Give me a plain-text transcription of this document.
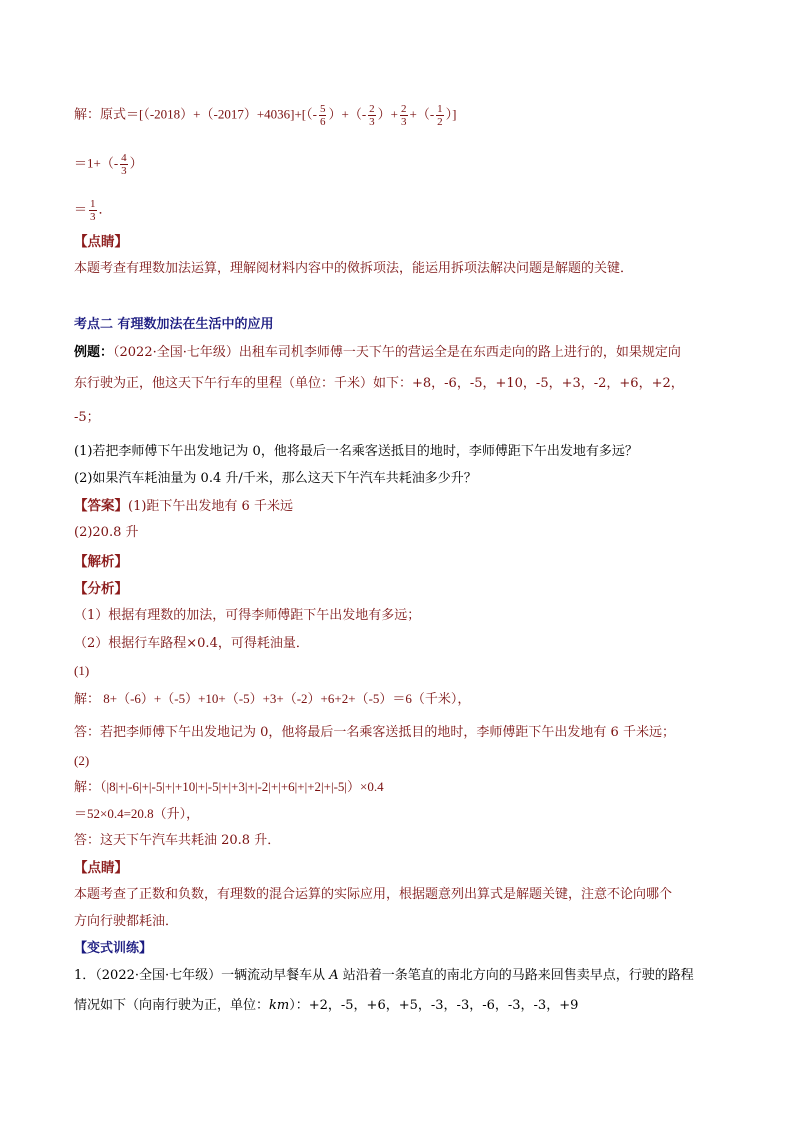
解：原式$=[(-2018)+(-2017)+4036]+[(- \frac{5}{6}$ ）+（- $\frac{2}{3}$ ）+ $\frac{2}{3}$ +（- $\frac{1}{2}$ ）]
$=1+(- \frac{4}{3}$ ）
＝ $\frac{1}{3}$ ．
【点睛】
本题考查有理数加法运算，理解阅材料内容中的傚拆项法，能运用拆项法解决问题是解题的关键．
考点二 有理数加法在生活中的应用
例题：（2022·全国·七年级）出租车司机李师傅一天下午的营运全是在东西走向的路上进行的，如果规定向
东行驶为正，他这天下午行车的里程（单位：千米）如下：+8，-6，-5，+10，-5，+3，-2，+6，+2，
-5；
(1)若把李师傅下午出发地记为 0，他将最后一名乘客送抵目的地时，李师傅距下午出发地有多远？
(2)如果汽车耗油量为 0.4 升/千米，那么这天下午汽车共耗油多少升？
【答案】(1)距下午出发地有 6 千米远
(2)20.8 升
【解析】
【分析】
（1）根据有理数的加法，可得李师傅距下午出发地有多远；
（2）根据行车路程×0.4，可得耗油量．
(1)
解： 8+（-6）+（-5）+10+（-5）+3+（-2）+6+2+（-5）＝6（千米），
答：若把李师傅下午出发地记为 0，他将最后一名乘客送抵目的地时，李师傅距下午出发地有 6 千米远；
(2)
解：（|8|+|-6|+|-5|+|+10|+|-5|+|+3|+|-2|+|+6|+|+2|+|-5|）×0.4
＝52×0.4=20.8（升），
答：这天下午汽车共耗油 20.8 升．
【点睛】
本题考查了正数和负数，有理数的混合运算的实际应用，根据题意列出算式是解题关键，注意不论向哪个
方向行驶都耗油．
【变式训练】
1．（2022·全国·七年级）一辆流动早餐车从 A 站沿着一条笔直的南北方向的马路来回售卖早点，行驶的路程
情况如下（向南行驶为正，单位：km）：+2，-5，+6，+5，-3，-3，-6，-3，-3，+9
